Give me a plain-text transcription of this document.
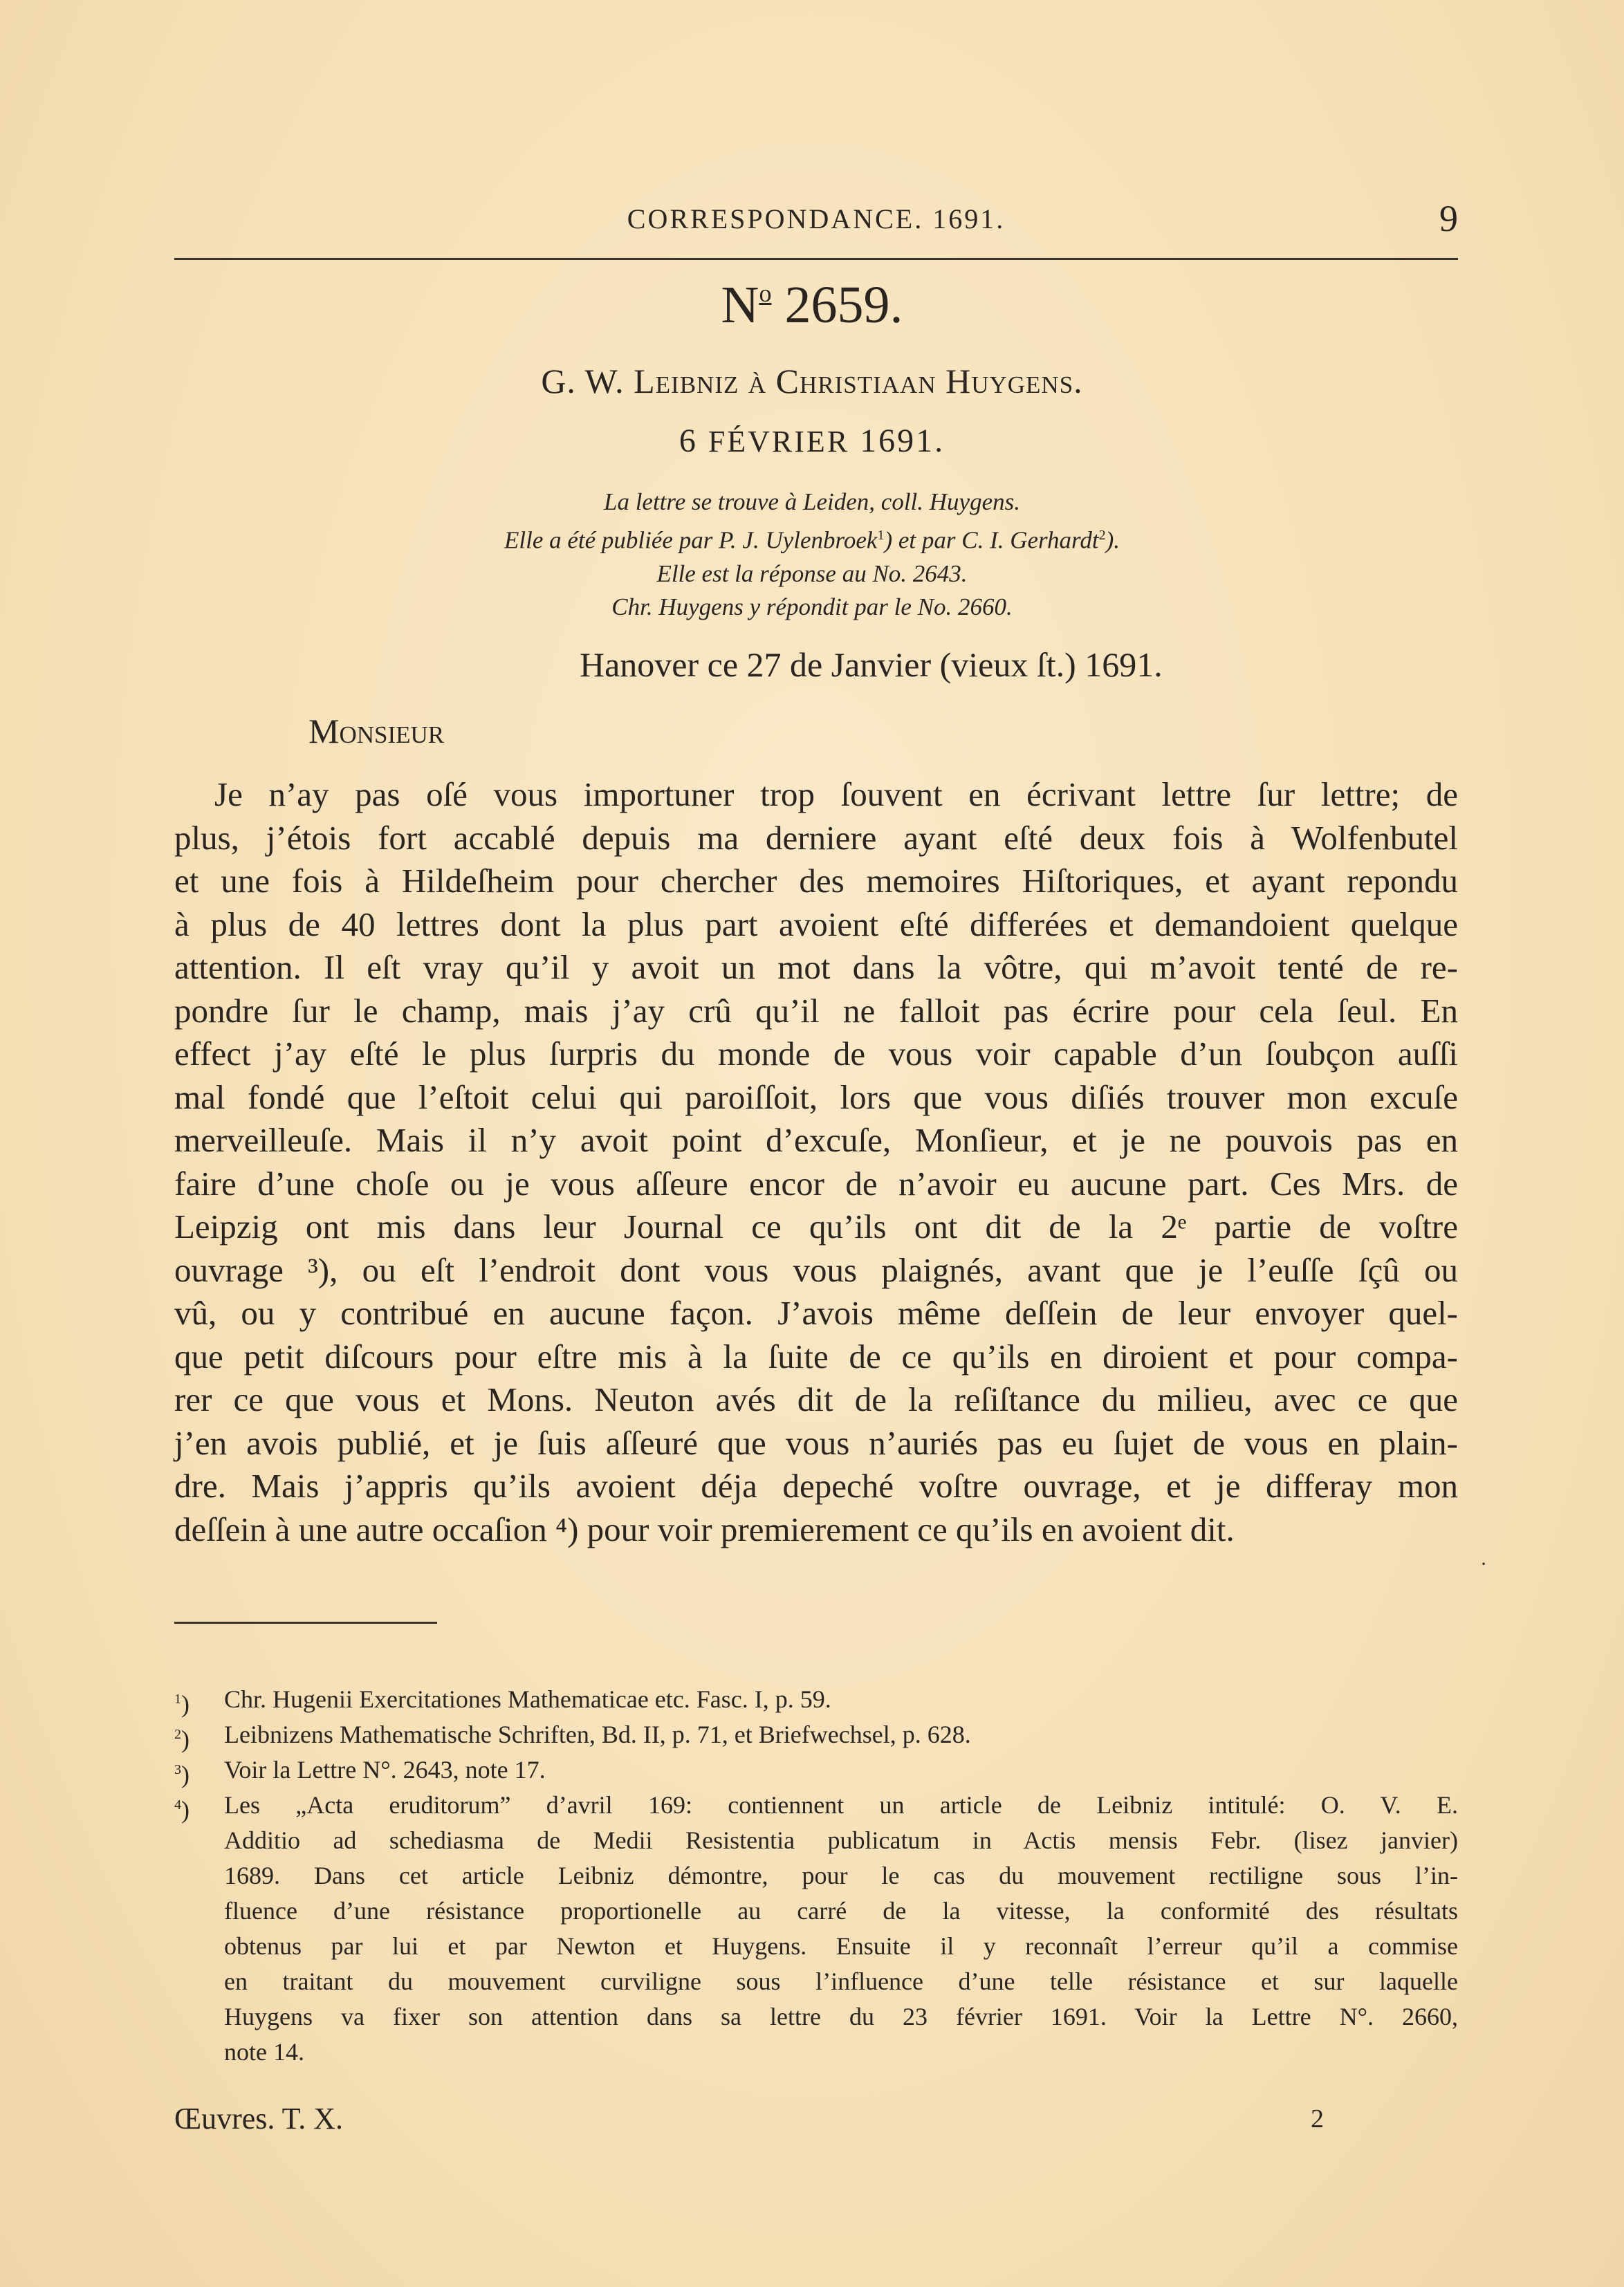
CORRESPONDANCE. 1691.	9
$N^o$ 2659.
G. W. Leibniz à Christiaan Huygens.
6 FÉVRIER 1691.
La lettre se trouve à Leiden, coll. Huygens.
Elle a été publiée par P. J. Uylenbroek$^1$) et par C. I. Gerhardt$^2$).
Elle est la réponse au No. 2643.
Chr. Huygens y répondit par le No. 2660.
Hanover ce 27 de Janvier (vieux ſt.) 1691.
Monsieur
Je n’ay pas oſé vous importuner trop ſouvent en écrivant lettre ſur lettre; de
plus, j’étois fort accablé depuis ma derniere ayant eſté deux fois à Wolfenbutel
et une fois à Hildeſheim pour chercher des memoires Hiſtoriques, et ayant repondu
à plus de 40 lettres dont la plus part avoient eſté differées et demandoient quelque
attention. Il eſt vray qu’il y avoit un mot dans la vôtre, qui m’avoit tenté de re-
pondre ſur le champ, mais j’ay crû qu’il ne falloit pas écrire pour cela ſeul. En
effect j’ay eſté le plus ſurpris du monde de vous voir capable d’un ſoubçon auſſi
mal fondé que l’eſtoit celui qui paroiſſoit, lors que vous diſiés trouver mon excuſe
merveilleuſe. Mais il n’y avoit point d’excuſe, Monſieur, et je ne pouvois pas en
faire d’une choſe ou je vous aſſeure encor de n’avoir eu aucune part. Ces Mrs. de
Leipzig ont mis dans leur Journal ce qu’ils ont dit de la 2ᵉ partie de voſtre
ouvrage ³), ou eſt l’endroit dont vous vous plaignés, avant que je l’euſſe ſçû ou
vû, ou y contribué en aucune façon. J’avois même deſſein de leur envoyer quel-
que petit diſcours pour eſtre mis à la ſuite de ce qu’ils en diroient et pour compa-
rer ce que vous et Mons. Neuton avés dit de la reſiſtance du milieu, avec ce que
j’en avois publié, et je ſuis aſſeuré que vous n’auriés pas eu ſujet de vous en plain-
dre. Mais j’appris qu’ils avoient déja depeché voſtre ouvrage, et je differay mon
deſſein à une autre occaſion ⁴) pour voir premierement ce qu’ils en avoient dit.
·
$^1$) Chr. Hugenii Exercitationes Mathematicae etc. Fasc. I, p. 59.
$^2$) Leibnizens Mathematische Schriften, Bd. II, p. 71, et Briefwechsel, p. 628.
$^3$) Voir la Lettre N°. 2643, note 17.
$^4$) Les „Acta eruditorum” d’avril 169: contiennent un article de Leibniz intitulé: O. V. E.
Additio ad schediasma de Medii Resistentia publicatum in Actis mensis Febr. (lisez janvier)
1689. Dans cet article Leibniz démontre, pour le cas du mouvement rectiligne sous l’in-
fluence d’une résistance proportionelle au carré de la vitesse, la conformité des résultats
obtenus par lui et par Newton et Huygens. Ensuite il y reconnaît l’erreur qu’il a commise
en traitant du mouvement curviligne sous l’influence d’une telle résistance et sur laquelle
Huygens va fixer son attention dans sa lettre du 23 février 1691. Voir la Lettre N°. 2660,
note 14.
Œuvres. T. X.	2
